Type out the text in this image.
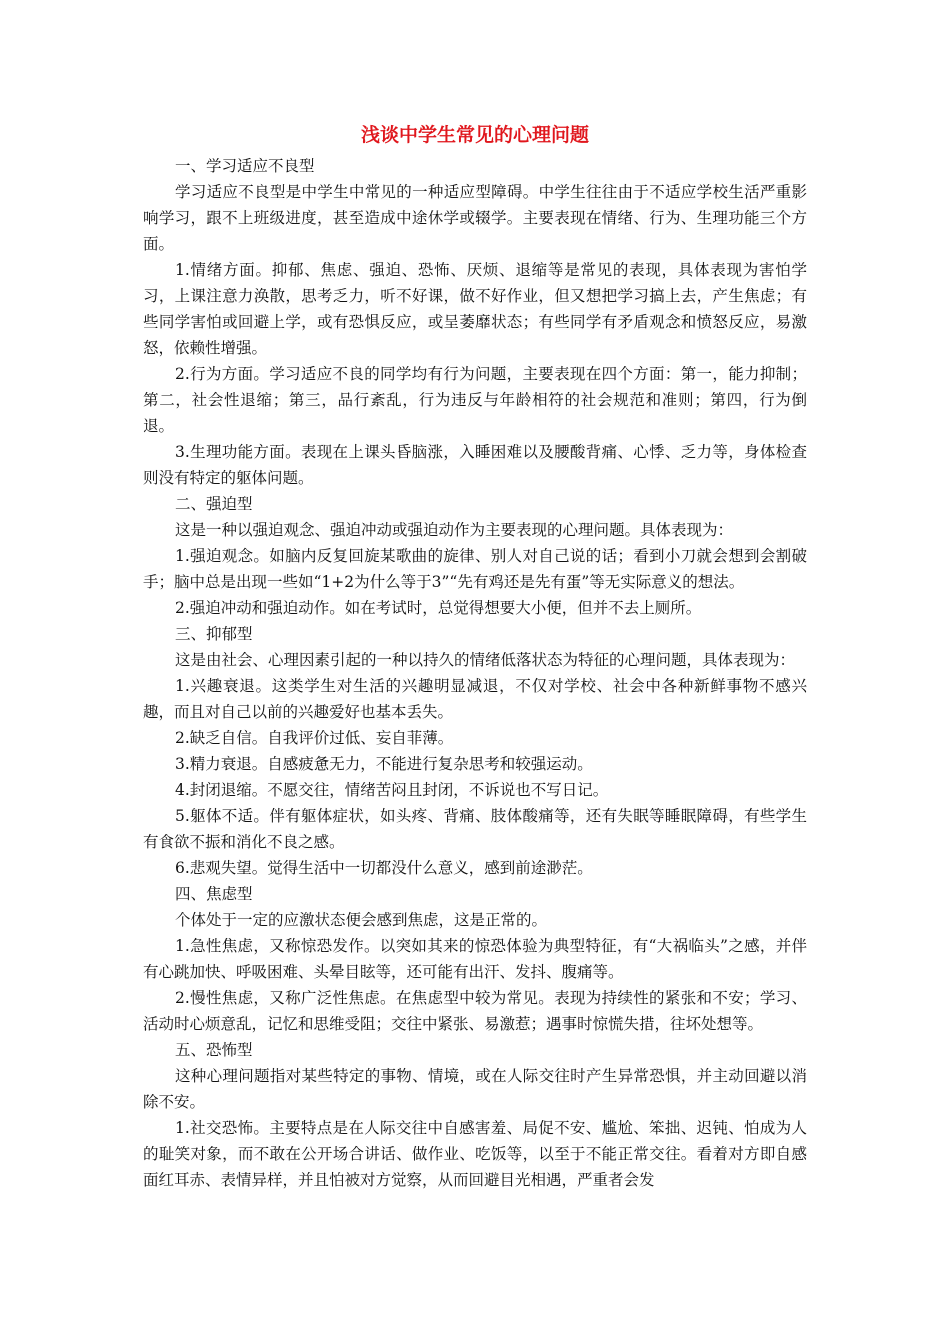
浅谈中学生常见的心理问题

一、学习适应不良型

学习适应不良型是中学生中常见的一种适应型障碍。中学生往往由于不适应学校生活严重影响学习，跟不上班级进度，甚至造成中途休学或辍学。主要表现在情绪、行为、生理功能三个方面。

1.情绪方面。抑郁、焦虑、强迫、恐怖、厌烦、退缩等是常见的表现，具体表现为害怕学习，上课注意力涣散，思考乏力，听不好课，做不好作业，但又想把学习搞上去，产生焦虑；有些同学害怕或回避上学，或有恐惧反应，或呈萎靡状态；有些同学有矛盾观念和愤怒反应，易激怒，依赖性增强。

2.行为方面。学习适应不良的同学均有行为问题，主要表现在四个方面：第一，能力抑制；第二，社会性退缩；第三，品行紊乱，行为违反与年龄相符的社会规范和准则；第四，行为倒退。

3.生理功能方面。表现在上课头昏脑涨，入睡困难以及腰酸背痛、心悸、乏力等，身体检查则没有特定的躯体问题。

二、强迫型

这是一种以强迫观念、强迫冲动或强迫动作为主要表现的心理问题。具体表现为：

1.强迫观念。如脑内反复回旋某歌曲的旋律、别人对自己说的话；看到小刀就会想到会割破手；脑中总是出现一些如“1+2为什么等于3”“先有鸡还是先有蛋”等无实际意义的想法。

2.强迫冲动和强迫动作。如在考试时，总觉得想要大小便，但并不去上厕所。

三、抑郁型

这是由社会、心理因素引起的一种以持久的情绪低落状态为特征的心理问题，具体表现为：

1.兴趣衰退。这类学生对生活的兴趣明显减退，不仅对学校、社会中各种新鲜事物不感兴趣，而且对自己以前的兴趣爱好也基本丢失。

2.缺乏自信。自我评价过低、妄自菲薄。

3.精力衰退。自感疲惫无力，不能进行复杂思考和较强运动。

4.封闭退缩。不愿交往，情绪苦闷且封闭，不诉说也不写日记。

5.躯体不适。伴有躯体症状，如头疼、背痛、肢体酸痛等，还有失眠等睡眠障碍，有些学生有食欲不振和消化不良之感。

6.悲观失望。觉得生活中一切都没什么意义，感到前途渺茫。

四、焦虑型

个体处于一定的应激状态便会感到焦虑，这是正常的。

1.急性焦虑，又称惊恐发作。以突如其来的惊恐体验为典型特征，有“大祸临头”之感，并伴有心跳加快、呼吸困难、头晕目眩等，还可能有出汗、发抖、腹痛等。

2.慢性焦虑，又称广泛性焦虑。在焦虑型中较为常见。表现为持续性的紧张和不安；学习、活动时心烦意乱，记忆和思维受阻；交往中紧张、易激惹；遇事时惊慌失措，往坏处想等。

五、恐怖型

这种心理问题指对某些特定的事物、情境，或在人际交往时产生异常恐惧，并主动回避以消除不安。

1.社交恐怖。主要特点是在人际交往中自感害羞、局促不安、尴尬、笨拙、迟钝、怕成为人的耻笑对象，而不敢在公开场合讲话、做作业、吃饭等，以至于不能正常交往。看着对方即自感面红耳赤、表情异样，并且怕被对方觉察，从而回避目光相遇，严重者会发
